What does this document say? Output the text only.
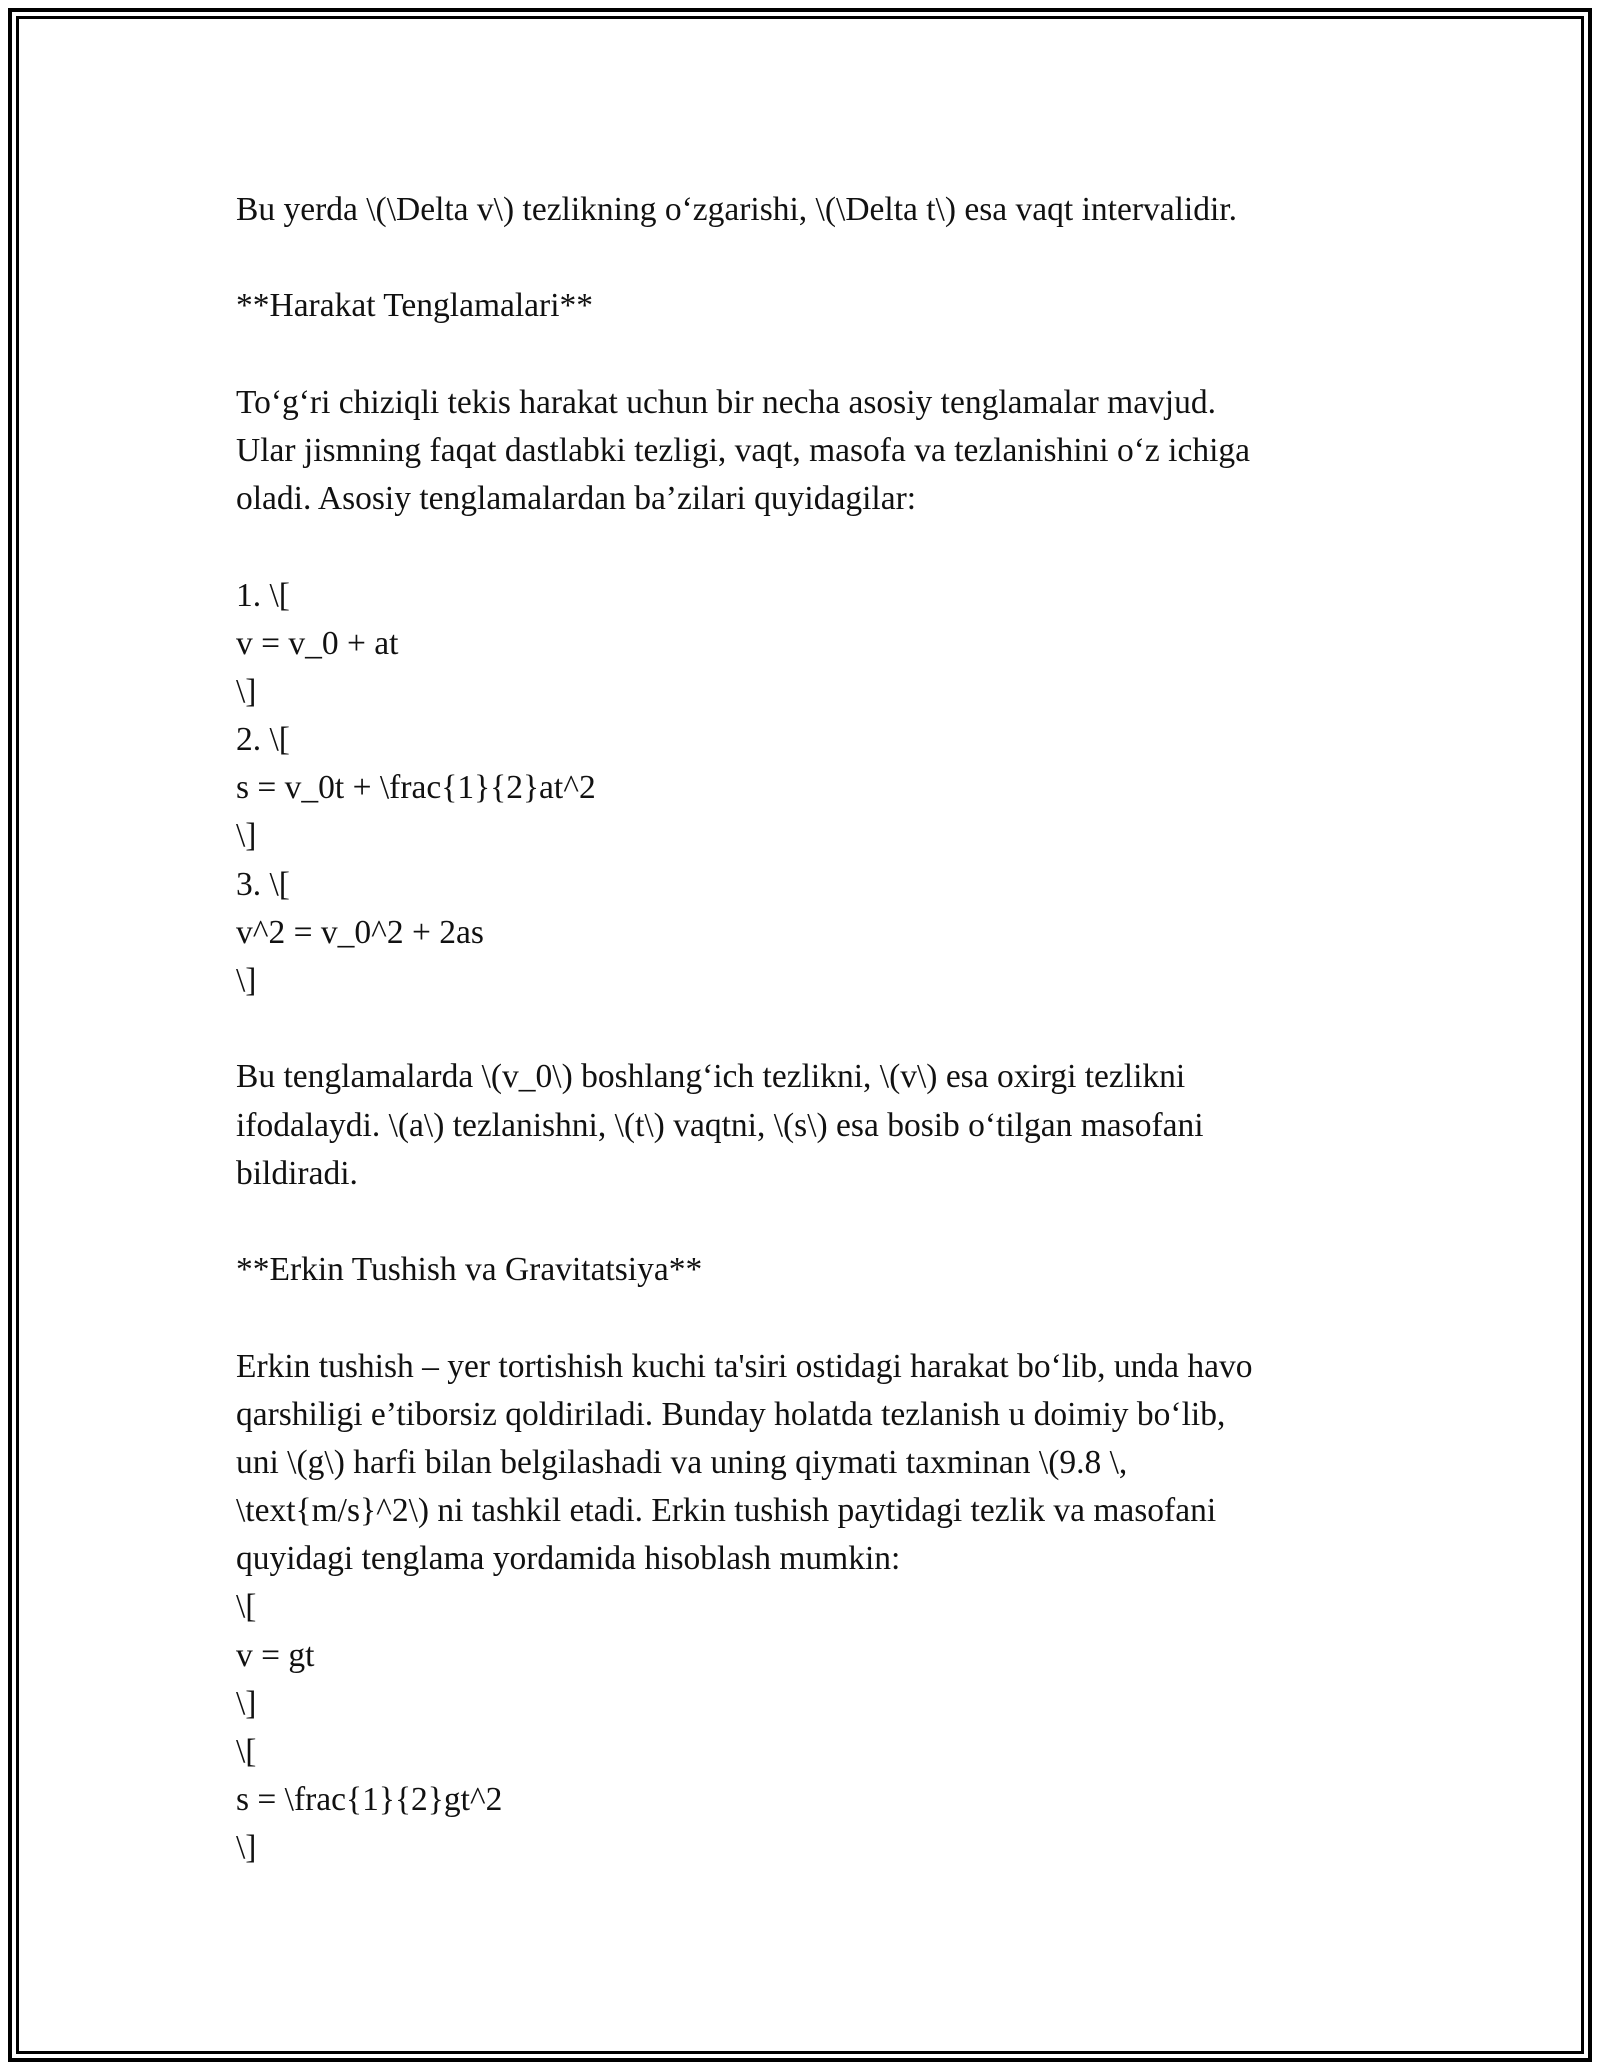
Bu yerda \(\Delta v\) tezlikning o‘zgarishi, \(\Delta t\) esa vaqt intervalidir.
**Harakat Tenglamalari**
To‘g‘ri chiziqli tekis harakat uchun bir necha asosiy tenglamalar mavjud.
Ular jismning faqat dastlabki tezligi, vaqt, masofa va tezlanishini o‘z ichiga
oladi. Asosiy tenglamalardan ba’zilari quyidagilar:
1. \[
v = v_0 + at
\]
2. \[
s = v_0t + \frac{1}{2}at^2
\]
3. \[
v^2 = v_0^2 + 2as
\]
Bu tenglamalarda \(v_0\) boshlang‘ich tezlikni, \(v\) esa oxirgi tezlikni
ifodalaydi. \(a\) tezlanishni, \(t\) vaqtni, \(s\) esa bosib o‘tilgan masofani
bildiradi.
**Erkin Tushish va Gravitatsiya**
Erkin tushish – yer tortishish kuchi ta'siri ostidagi harakat bo‘lib, unda havo
qarshiligi e’tiborsiz qoldiriladi. Bunday holatda tezlanish u doimiy bo‘lib,
uni \(g\) harfi bilan belgilashadi va uning qiymati taxminan \(9.8 \,
\text{m/s}^2\) ni tashkil etadi. Erkin tushish paytidagi tezlik va masofani
quyidagi tenglama yordamida hisoblash mumkin:
\[
v = gt
\]
\[
s = \frac{1}{2}gt^2
\]
